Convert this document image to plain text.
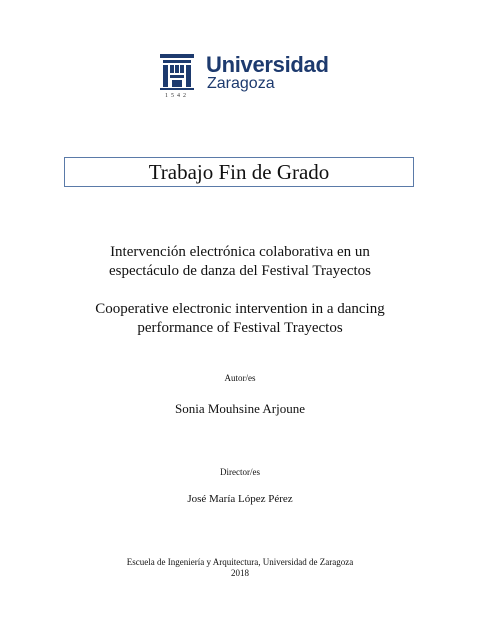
1542
Universidad
Zaragoza
Trabajo Fin de Grado
Intervención electrónica colaborativa en un
espectáculo de danza del Festival Trayectos
Cooperative electronic intervention in a dancing
performance of Festival Trayectos
Autor/es
Sonia Mouhsine Arjoune
Director/es
José María López Pérez
Escuela de Ingeniería y Arquitectura, Universidad de Zaragoza
2018
